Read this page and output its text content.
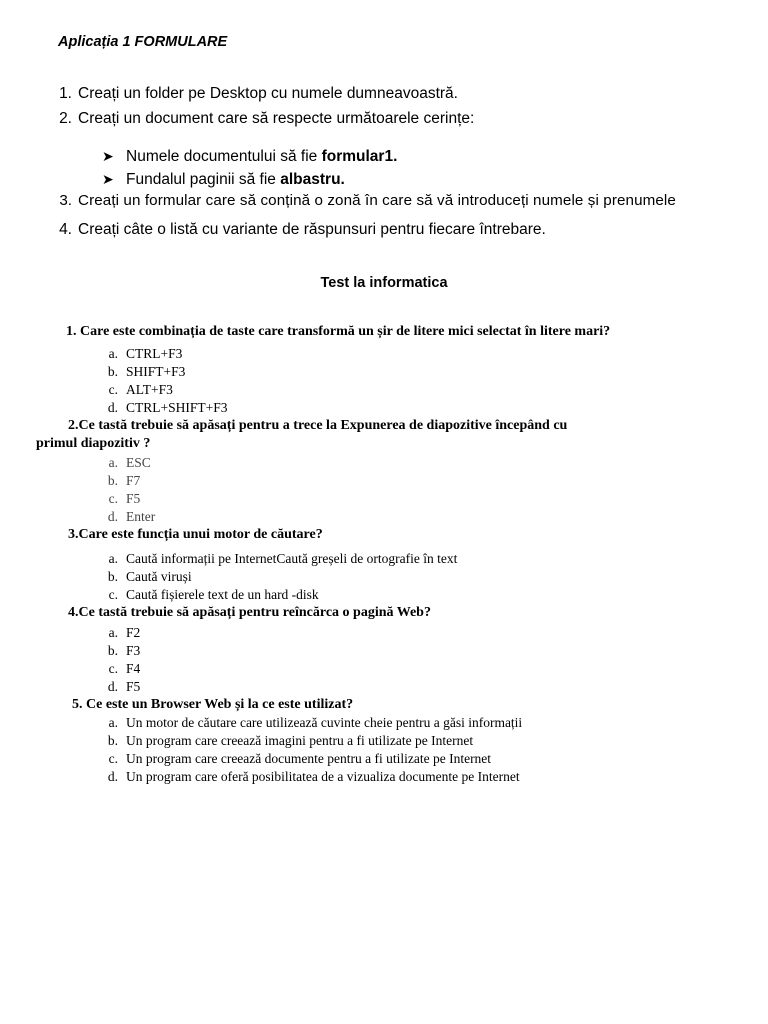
Aplicația 1 FORMULARE
1. Creați un folder pe Desktop cu numele dumneavoastră.
2. Creați un document care să respecte următoarele cerințe:
➤ Numele documentului să fie formular1.
➤ Fundalul paginii să fie albastru.
3. Creați un formular care să conțină o zonă în care să vă introduceți numele și prenumele
4. Creați câte o listă cu variante de răspunsuri pentru fiecare întrebare.
Test la informatica
1. Care este combinația de taste care transformă un șir de litere mici selectat în litere mari?
a. CTRL+F3
b. SHIFT+F3
c. ALT+F3
d. CTRL+SHIFT+F3
2.Ce tastă trebuie să apăsați pentru a trece la Expunerea de diapozitive începând cu
primul diapozitiv ?
a. ESC
b. F7
c. F5
d. Enter
3.Care este funcția unui motor de căutare?
a. Caută informații pe InternetCaută greșeli de ortografie în text
b. Caută viruși
c. Caută fișierele text de un hard -disk
4.Ce tastă trebuie să apăsați pentru reîncărca o pagină Web?
a. F2
b. F3
c. F4
d. F5
5. Ce este un Browser Web și la ce este utilizat?
a. Un motor de căutare care utilizează cuvinte cheie pentru a găsi informații
b. Un program care creează imagini pentru a fi utilizate pe Internet
c. Un program care creează documente pentru a fi utilizate pe Internet
d. Un program care oferă posibilitatea de a vizualiza documente pe Internet
